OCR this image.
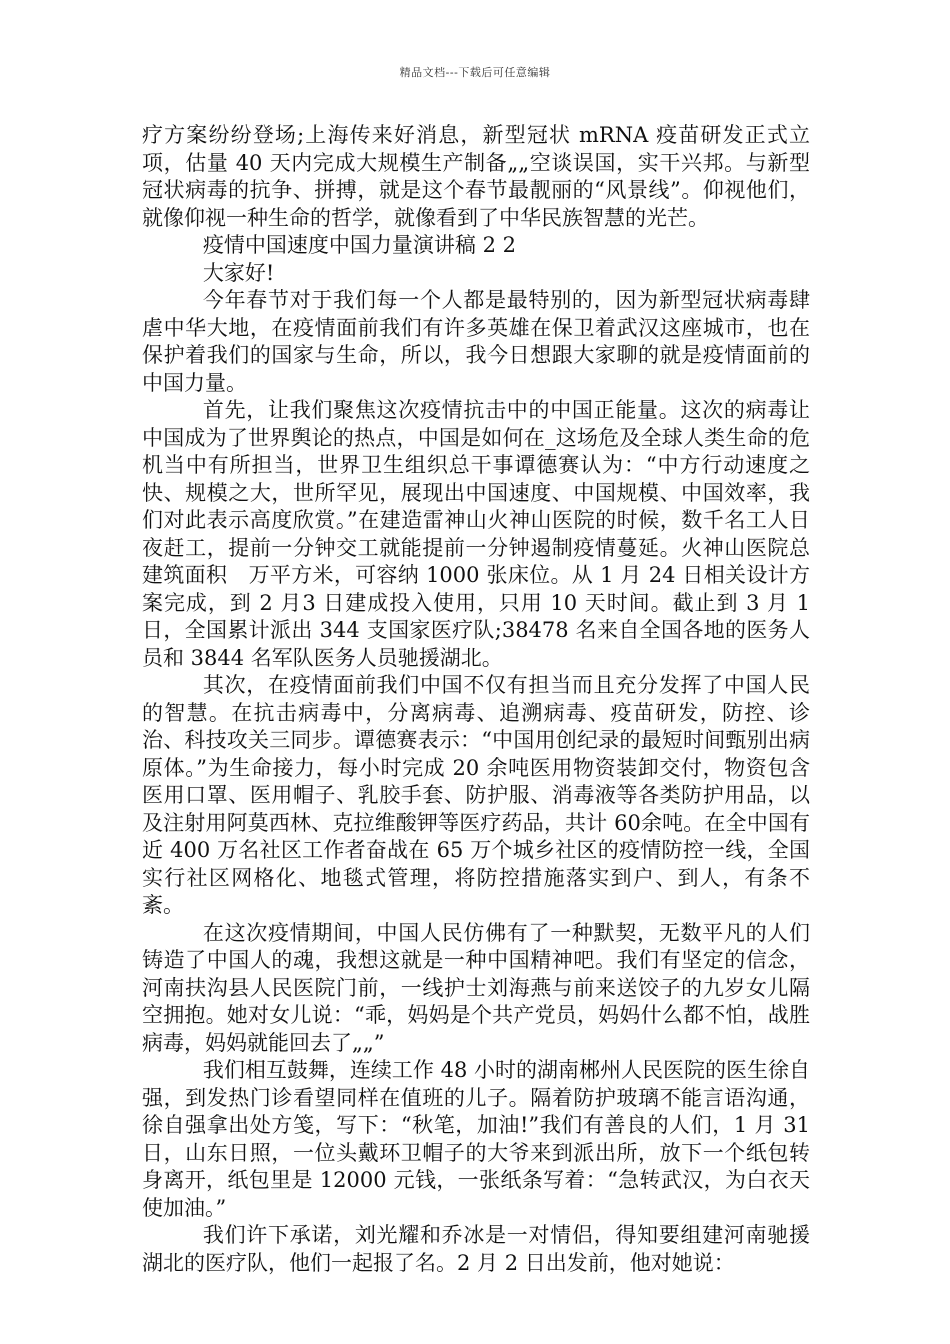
精品文档---下载后可任意编辑

疗方案纷纷登场;上海传来好消息，新型冠状 mRNA 疫苗研发正式立项，估量 40 天内完成大规模生产制备„„空谈误国，实干兴邦。与新型冠状病毒的抗争、拼搏，就是这个春节最靓丽的“风景线”。仰视他们，就像仰视一种生命的哲学，就像看到了中华民族智慧的光芒。

疫情中国速度中国力量演讲稿 2 2

大家好!

今年春节对于我们每一个人都是最特别的，因为新型冠状病毒肆虐中华大地，在疫情面前我们有许多英雄在保卫着武汉这座城市，也在保护着我们的国家与生命，所以，我今日想跟大家聊的就是疫情面前的中国力量。

首先，让我们聚焦这次疫情抗击中的中国正能量。这次的病毒让中国成为了世界舆论的热点，中国是如何在_这场危及全球人类生命的危机当中有所担当，世界卫生组织总干事谭德赛认为：“中方行动速度之快、规模之大，世所罕见，展现出中国速度、中国规模、中国效率，我们对此表示高度欣赏。”在建造雷神山火神山医院的时候，数千名工人日夜赶工，提前一分钟交工就能提前一分钟遏制疫情蔓延。火神山医院总建筑面积　万平方米，可容纳 1000 张床位。从 1 月 24 日相关设计方案完成，到 2 月3 日建成投入使用，只用 10 天时间。截止到 3 月 1 日，全国累计派出 344 支国家医疗队;38478 名来自全国各地的医务人员和 3844 名军队医务人员驰援湖北。

其次，在疫情面前我们中国不仅有担当而且充分发挥了中国人民的智慧。在抗击病毒中，分离病毒、追溯病毒、疫苗研发，防控、诊治、科技攻关三同步。谭德赛表示：“中国用创纪录的最短时间甄别出病原体。”为生命接力，每小时完成 20 余吨医用物资装卸交付，物资包含医用口罩、医用帽子、乳胶手套、防护服、消毒液等各类防护用品，以及注射用阿莫西林、克拉维酸钾等医疗药品，共计 60余吨。在全中国有近 400 万名社区工作者奋战在 65 万个城乡社区的疫情防控一线，全国实行社区网格化、地毯式管理，将防控措施落实到户、到人，有条不紊。

在这次疫情期间，中国人民仿佛有了一种默契，无数平凡的人们铸造了中国人的魂，我想这就是一种中国精神吧。我们有坚定的信念，河南扶沟县人民医院门前，一线护士刘海燕与前来送饺子的九岁女儿隔空拥抱。她对女儿说：“乖，妈妈是个共产党员，妈妈什么都不怕，战胜病毒，妈妈就能回去了„„”

我们相互鼓舞，连续工作 48 小时的湖南郴州人民医院的医生徐自强，到发热门诊看望同样在值班的儿子。隔着防护玻璃不能言语沟通，徐自强拿出处方笺，写下：“秋笔，加油!”我们有善良的人们，1 月 31 日，山东日照，一位头戴环卫帽子的大爷来到派出所，放下一个纸包转身离开，纸包里是 12000 元钱，一张纸条写着：“急转武汉，为白衣天使加油。”

我们许下承诺，刘光耀和乔冰是一对情侣，得知要组建河南驰援湖北的医疗队，他们一起报了名。2 月 2 日出发前，他对她说：
